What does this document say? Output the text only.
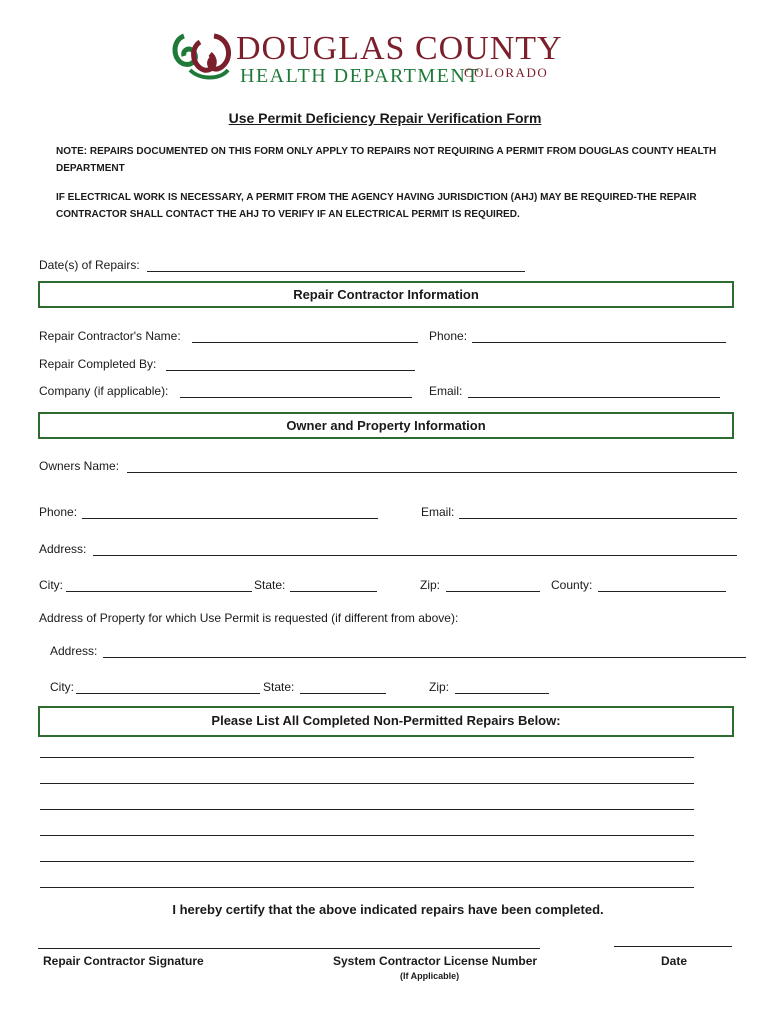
DOUGLAS COUNTY
HEALTH DEPARTMENT
COLORADO
Use Permit Deficiency Repair Verification Form
NOTE: REPAIRS DOCUMENTED ON THIS FORM ONLY APPLY TO REPAIRS NOT REQUIRING A PERMIT FROM DOUGLAS COUNTY HEALTH DEPARTMENT
IF ELECTRICAL WORK IS NECESSARY, A PERMIT FROM THE AGENCY HAVING JURISDICTION (AHJ) MAY BE REQUIRED-THE REPAIR CONTRACTOR SHALL CONTACT THE AHJ TO VERIFY IF AN ELECTRICAL PERMIT IS REQUIRED.
Date(s) of Repairs:
Repair Contractor Information
Repair Contractor's Name:	Phone:
Repair Completed By:
Company (if applicable):	Email:
Owner and Property Information
Owners Name:
Phone:	Email:
Address:
City:	State:	Zip:	County:
Address of Property for which Use Permit is requested (if different from above):
Address:
City:	State:	Zip:
Please List All Completed Non-Permitted Repairs Below:
I hereby certify that the above indicated repairs have been completed.
Repair Contractor Signature	System Contractor License Number
(If Applicable)
Date
